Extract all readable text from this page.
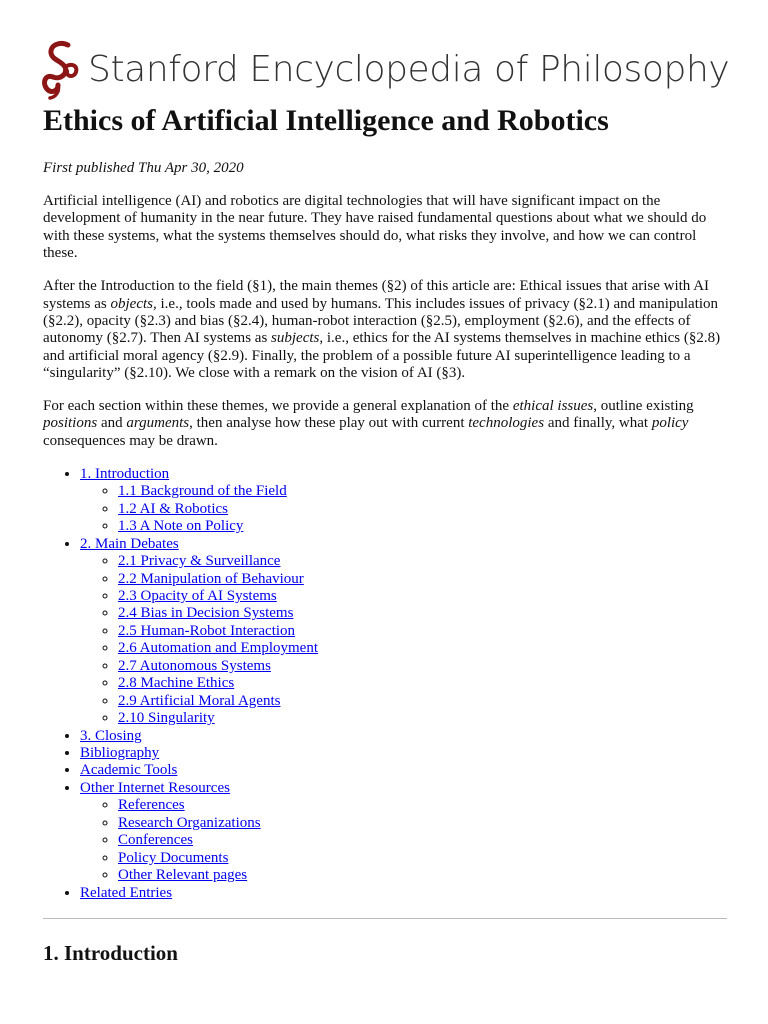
Stanford Encyclopedia of Philosophy
Ethics of Artificial Intelligence and Robotics

First published Thu Apr 30, 2020

Artificial intelligence (AI) and robotics are digital technologies that will have significant impact on the development of humanity in the near future. They have raised fundamental questions about what we should do with these systems, what the systems themselves should do, what risks they involve, and how we can control these.

After the Introduction to the field (§1), the main themes (§2) of this article are: Ethical issues that arise with AI systems as objects, i.e., tools made and used by humans. This includes issues of privacy (§2.1) and manipulation (§2.2), opacity (§2.3) and bias (§2.4), human-robot interaction (§2.5), employment (§2.6), and the effects of autonomy (§2.7). Then AI systems as subjects, i.e., ethics for the AI systems themselves in machine ethics (§2.8) and artificial moral agency (§2.9). Finally, the problem of a possible future AI superintelligence leading to a “singularity” (§2.10). We close with a remark on the vision of AI (§3).

For each section within these themes, we provide a general explanation of the ethical issues, outline existing positions and arguments, then analyse how these play out with current technologies and finally, what policy consequences may be drawn.

• 1. Introduction
◦ 1.1 Background of the Field
◦ 1.2 AI & Robotics
◦ 1.3 A Note on Policy
• 2. Main Debates
◦ 2.1 Privacy & Surveillance
◦ 2.2 Manipulation of Behaviour
◦ 2.3 Opacity of AI Systems
◦ 2.4 Bias in Decision Systems
◦ 2.5 Human-Robot Interaction
◦ 2.6 Automation and Employment
◦ 2.7 Autonomous Systems
◦ 2.8 Machine Ethics
◦ 2.9 Artificial Moral Agents
◦ 2.10 Singularity
• 3. Closing
• Bibliography
• Academic Tools
• Other Internet Resources
◦ References
◦ Research Organizations
◦ Conferences
◦ Policy Documents
◦ Other Relevant pages
• Related Entries
1. Introduction
